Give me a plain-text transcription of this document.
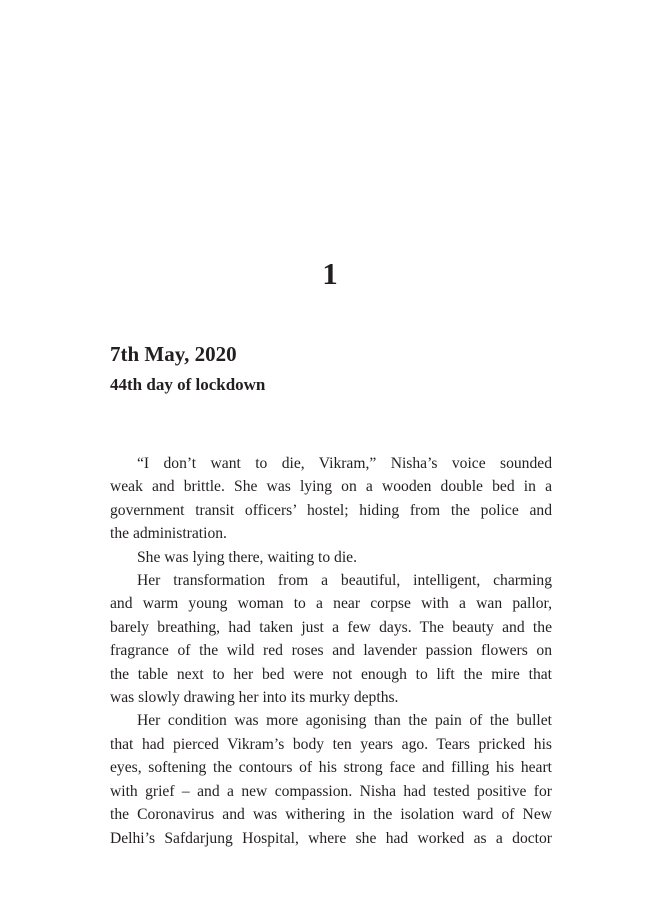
1
7th May, 2020
44th day of lockdown
“I don’t want to die, Vikram,” Nisha’s voice sounded
weak and brittle. She was lying on a wooden double bed in a
government transit officers’ hostel; hiding from the police and
the administration.
She was lying there, waiting to die.
Her transformation from a beautiful, intelligent, charming
and warm young woman to a near corpse with a wan pallor,
barely breathing, had taken just a few days. The beauty and the
fragrance of the wild red roses and lavender passion flowers on
the table next to her bed were not enough to lift the mire that
was slowly drawing her into its murky depths.
Her condition was more agonising than the pain of the bullet
that had pierced Vikram’s body ten years ago. Tears pricked his
eyes, softening the contours of his strong face and filling his heart
with grief – and a new compassion. Nisha had tested positive for
the Coronavirus and was withering in the isolation ward of New
Delhi’s Safdarjung Hospital, where she had worked as a doctor
